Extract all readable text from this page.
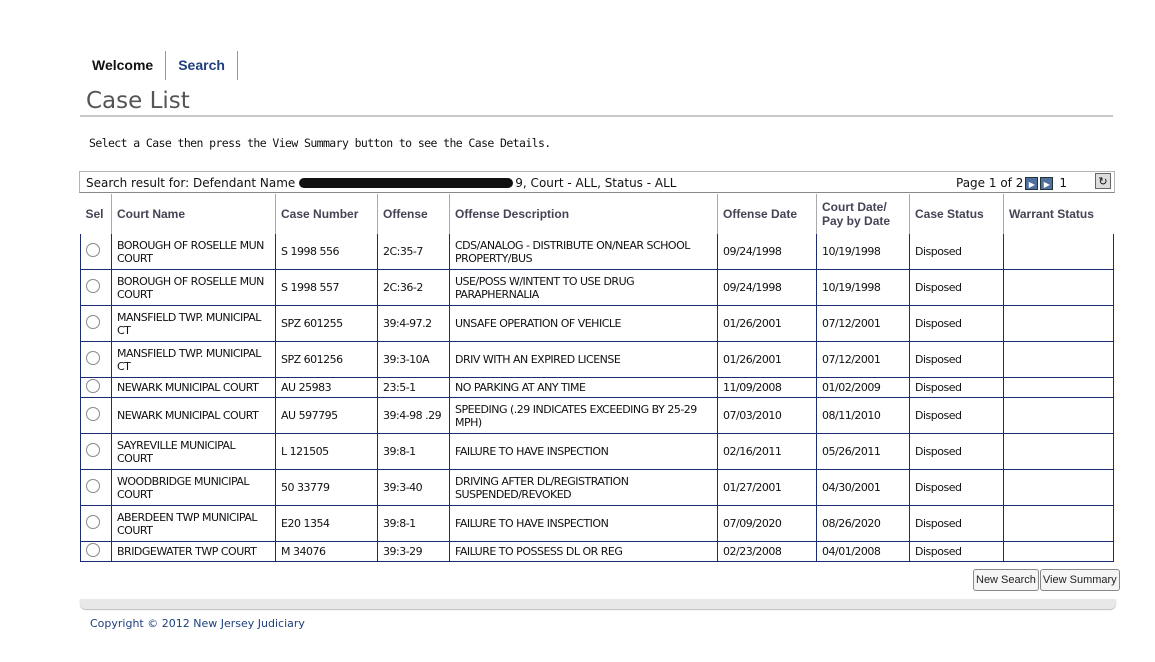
Welcome	Search
Case List
Select a Case then press the View Summary button to see the Case Details.
Search result for: Defendant Name	9, Court - ALL, Status - ALL	Page 1 of 2 ▶	▶ 1	↻
Sel	Court Name	Case Number	Offense	Offense Description	Offense Date	Court Date/ Pay by Date	Case Status	Warrant Status
	BOROUGH OF ROSELLE MUN COURT	S 1998 556	2C:35-7	CDS/ANALOG - DISTRIBUTE ON/NEAR SCHOOL PROPERTY/BUS	09/24/1998	10/19/1998	Disposed	
	BOROUGH OF ROSELLE MUN COURT	S 1998 557	2C:36-2	USE/POSS W/INTENT TO USE DRUG PARAPHERNALIA	09/24/1998	10/19/1998	Disposed	
	MANSFIELD TWP. MUNICIPAL CT	SPZ 601255	39:4-97.2	UNSAFE OPERATION OF VEHICLE	01/26/2001	07/12/2001	Disposed	
	MANSFIELD TWP. MUNICIPAL CT	SPZ 601256	39:3-10A	DRIV WITH AN EXPIRED LICENSE	01/26/2001	07/12/2001	Disposed	
	NEWARK MUNICIPAL COURT	AU 25983	23:5-1	NO PARKING AT ANY TIME	11/09/2008	01/02/2009	Disposed	
	NEWARK MUNICIPAL COURT	AU 597795	39:4-98 .29	SPEEDING (.29 INDICATES EXCEEDING BY 25-29 MPH)	07/03/2010	08/11/2010	Disposed	
	SAYREVILLE MUNICIPAL COURT	L 121505	39:8-1	FAILURE TO HAVE INSPECTION	02/16/2011	05/26/2011	Disposed	
	WOODBRIDGE MUNICIPAL COURT	50 33779	39:3-40	DRIVING AFTER DL/REGISTRATION SUSPENDED/REVOKED	01/27/2001	04/30/2001	Disposed	
	ABERDEEN TWP MUNICIPAL COURT	E20 1354	39:8-1	FAILURE TO HAVE INSPECTION	07/09/2020	08/26/2020	Disposed	
	BRIDGEWATER TWP COURT	M 34076	39:3-29	FAILURE TO POSSESS DL OR REG	02/23/2008	04/01/2008	Disposed	
New Search View Summary
Copyright © 2012 New Jersey Judiciary
